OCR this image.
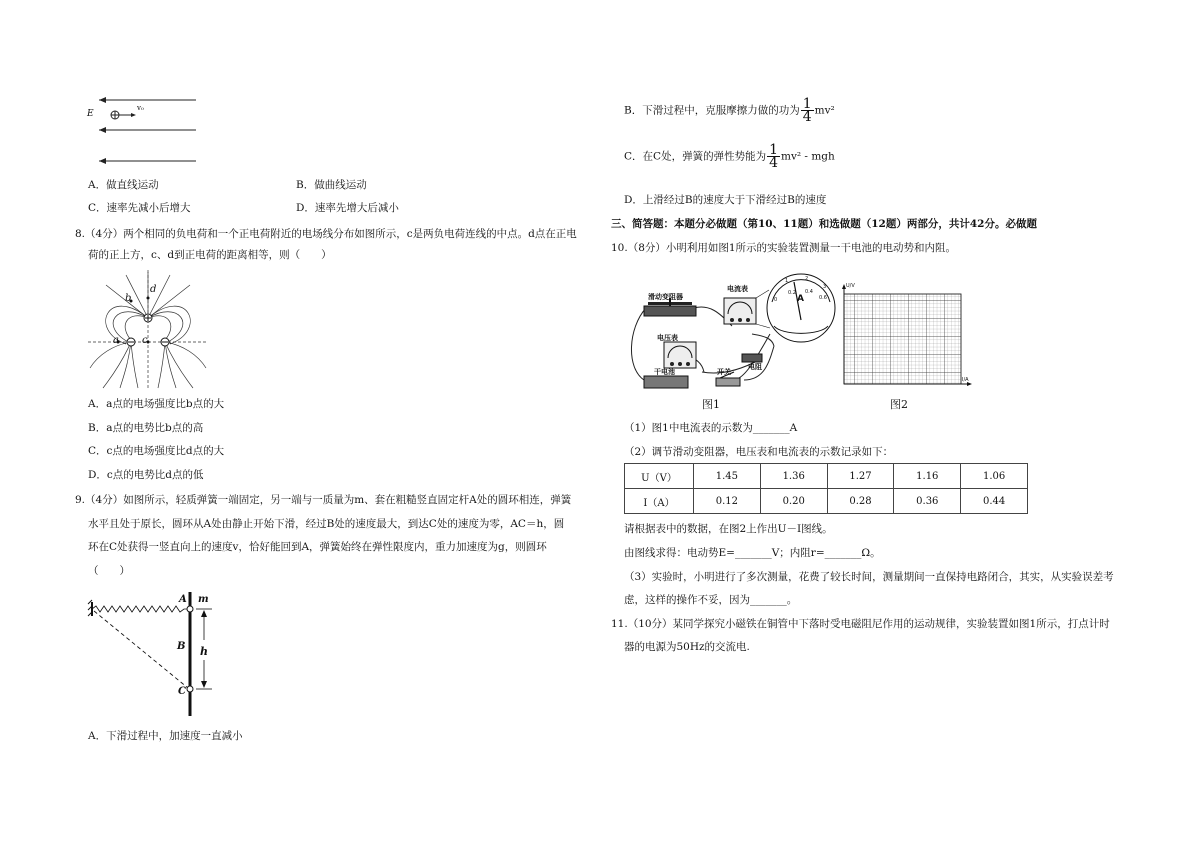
E
v₀
A．做直线运动	B．做曲线运动
C．速率先减小后增大	D．速率先增大后减小
8.（4分）两个相同的负电荷和一个正电荷附近的电场线分布如图所示，c是两负电荷连线的中点。d点在正电
荷的正上方，c、d到正电荷的距离相等，则（　　）
d
b
a c
A．a点的电场强度比b点的大
B．a点的电势比b点的高
C．c点的电场强度比d点的大
D．c点的电势比d点的低
9.（4分）如图所示，轻质弹簧一端固定，另一端与一质量为m、套在粗糙竖直固定杆A处的圆环相连，弹簧
水平且处于原长，圆环从A处由静止开始下滑，经过B处的速度最大，到达C处的速度为零，AC＝h，圆
环在C处获得一竖直向上的速度v，恰好能回到A，弹簧始终在弹性限度内，重力加速度为g，则圆环
（　　）
A m
B h
C
A．下滑过程中，加速度一直减小
B．下滑过程中，克服摩擦力做的功为 $\frac{1}{4} mv^2$
C．在C处，弹簧的弹性势能为 $\frac{1}{4} mv^2$ - mgh
D．上滑经过B的速度大于下滑经过B的速度
三、简答题：本题分必做题（第10、11题）和选做题（12题）两部分，共计42分。必做题
10.（8分）小明利用如图1所示的实验装置测量一干电池的电动势和内阻。
滑动变阻器
电流表
电压表
干电池	开关
电阻
A
0
1	2
3
0.2 0.4
0.6
图1
U/V
I/A
图2
（1）图1中电流表的示数为_______A
（2）调节滑动变阻器，电压表和电流表的示数记录如下：
U（V）	1.45	1.36	1.27	1.16	1.06
I（A）	0.12	0.20	0.28	0.36	0.44
请根据表中的数据，在图2上作出U－I图线。
由图线求得：电动势E=_______V；内阻r=_______Ω。
（3）实验时，小明进行了多次测量，花费了较长时间，测量期间一直保持电路闭合，其实，从实验误差考
虑，这样的操作不妥，因为_______。
11.（10分）某同学探究小磁铁在铜管中下落时受电磁阻尼作用的运动规律，实验装置如图1所示，打点计时
器的电源为50Hz的交流电.
